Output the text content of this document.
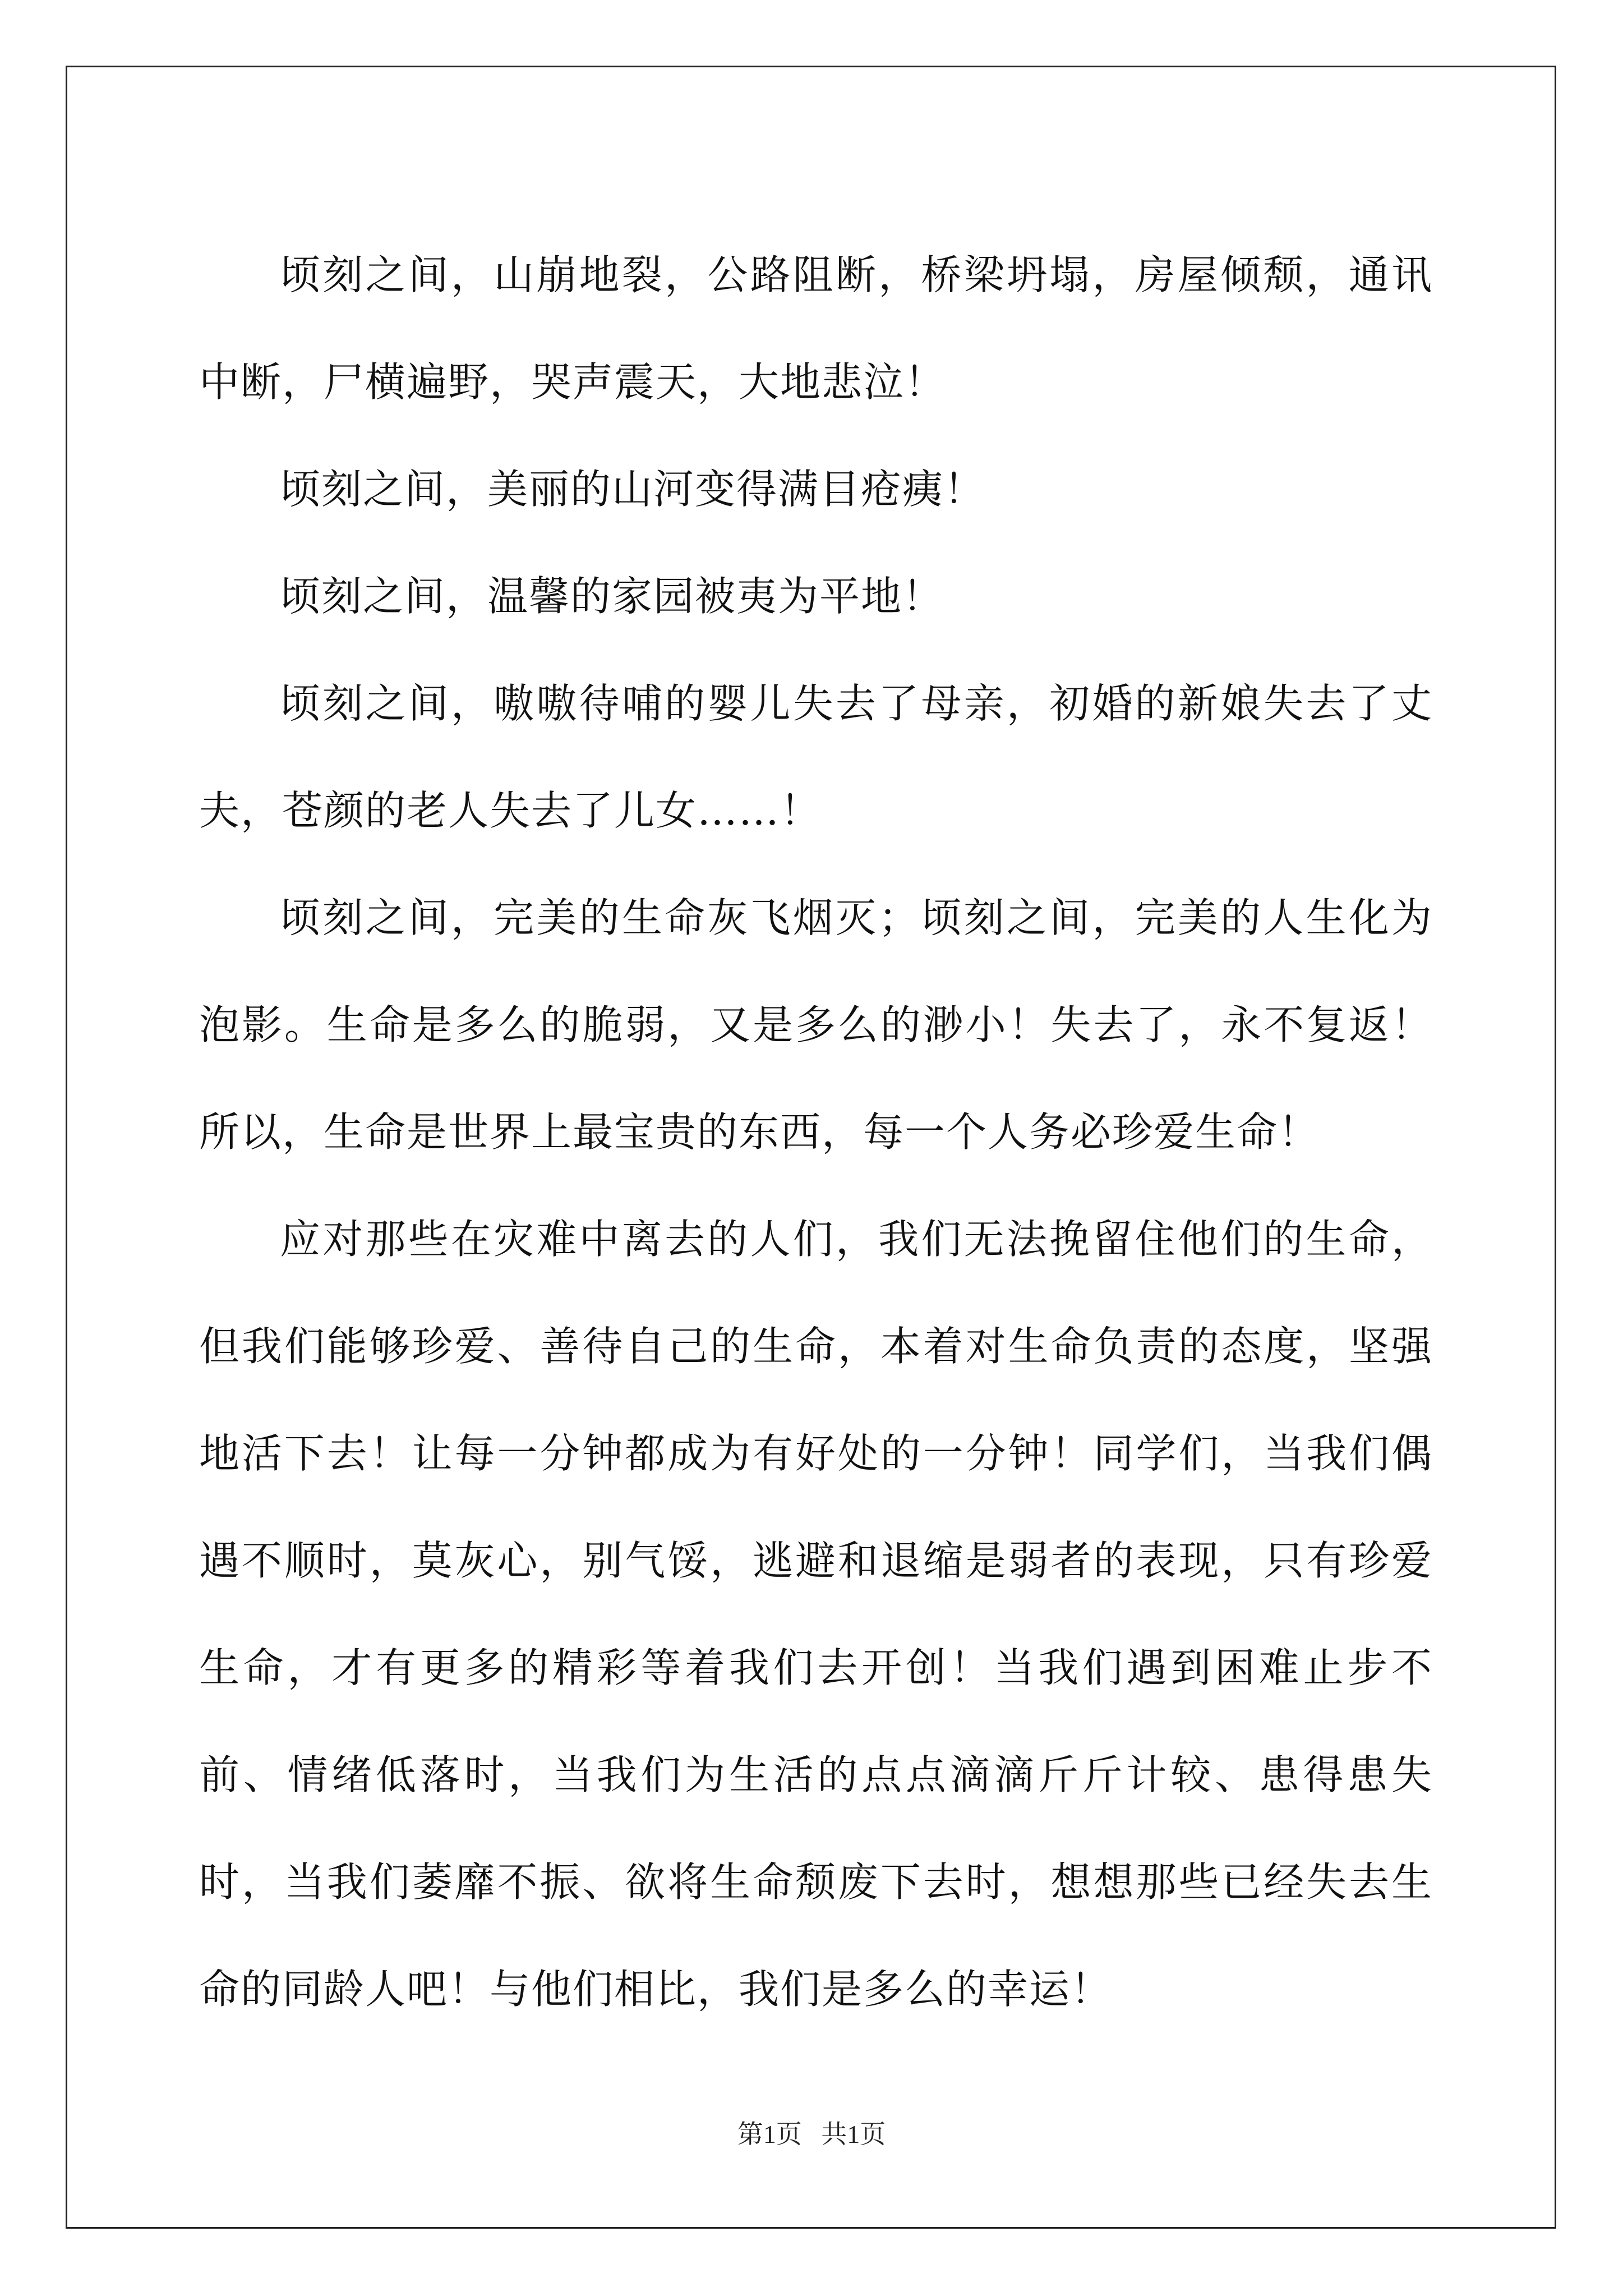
顷刻之间，山崩地裂，公路阻断，桥梁坍塌，房屋倾颓，通讯中断，尸横遍野，哭声震天，大地悲泣！

顷刻之间，美丽的山河变得满目疮痍！

顷刻之间，温馨的家园被夷为平地！

顷刻之间，嗷嗷待哺的婴儿失去了母亲，初婚的新娘失去了丈夫，苍颜的老人失去了儿女……！

顷刻之间，完美的生命灰飞烟灭；顷刻之间，完美的人生化为泡影。生命是多么的脆弱，又是多么的渺小！失去了，永不复返！所以，生命是世界上最宝贵的东西，每一个人务必珍爱生命！

应对那些在灾难中离去的人们，我们无法挽留住他们的生命，但我们能够珍爱、善待自己的生命，本着对生命负责的态度，坚强地活下去！让每一分钟都成为有好处的一分钟！同学们，当我们偶遇不顺时，莫灰心，别气馁，逃避和退缩是弱者的表现，只有珍爱生命，才有更多的精彩等着我们去开创！当我们遇到困难止步不前、情绪低落时，当我们为生活的点点滴滴斤斤计较、患得患失时，当我们萎靡不振、欲将生命颓废下去时，想想那些已经失去生命的同龄人吧！与他们相比，我们是多么的幸运！

第1页   共1页
